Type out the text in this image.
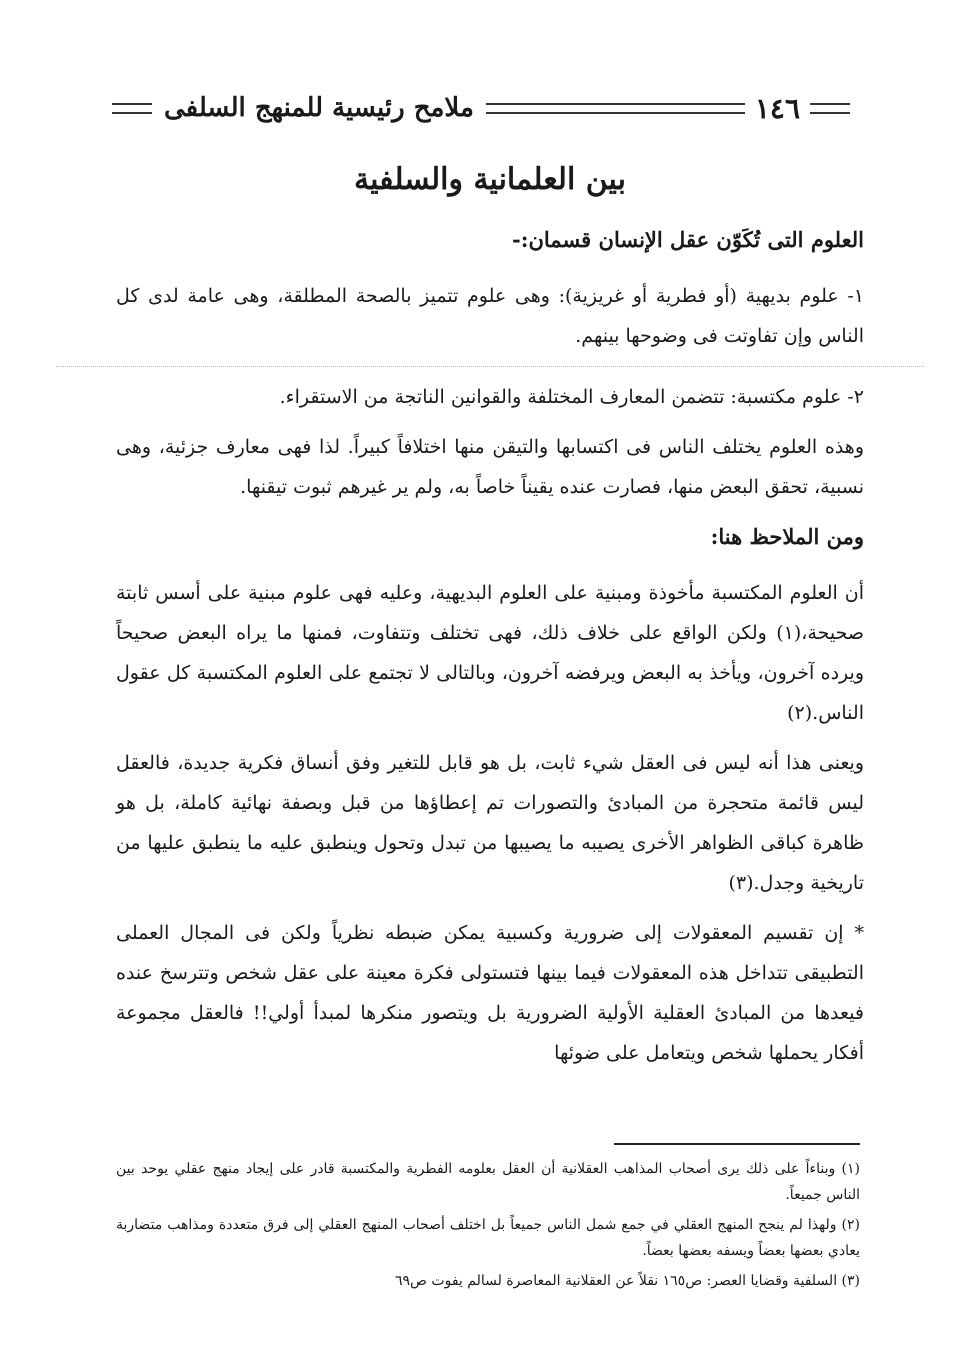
١٤٦
ملامح رئيسية للمنهج السلفى
بين العلمانية والسلفية
العلوم التى تُكَوّن عقل الإنسان قسمان:-

١- علوم بديهية (أو فطرية أو غريزية): وهى علوم تتميز بالصحة المطلقة، وهى عامة لدى كل الناس وإن تفاوتت فى وضوحها بينهم.

٢- علوم مكتسبة: تتضمن المعارف المختلفة والقوانين الناتجة من الاستقراء.

وهذه العلوم يختلف الناس فى اكتسابها والتيقن منها اختلافاً كبيراً. لذا فهى معارف جزئية، وهى نسبية، تحقق البعض منها، فصارت عنده يقيناً خاصاً به، ولم ير غيرهم ثبوت تيقنها.

ومن الملاحظ هنا:

أن العلوم المكتسبة مأخوذة ومبنية على العلوم البديهية، وعليه فهى علوم مبنية على أسس ثابتة صحيحة،(١) ولكن الواقع على خلاف ذلك، فهى تختلف وتتفاوت، فمنها ما يراه البعض صحيحاً ويرده آخرون، ويأخذ به البعض ويرفضه آخرون، وبالتالى لا تجتمع على العلوم المكتسبة كل عقول الناس.(٢)

ويعنى هذا أنه ليس فى العقل شيء ثابت، بل هو قابل للتغير وفق أنساق فكرية جديدة، فالعقل ليس قائمة متحجرة من المبادئ والتصورات تم إعطاؤها من قبل وبصفة نهائية كاملة، بل هو ظاهرة كباقى الظواهر الأخرى يصيبه ما يصيبها من تبدل وتحول وينطبق عليه ما ينطبق عليها من تاريخية وجدل.(٣)

* إن تقسيم المعقولات إلى ضرورية وكسبية يمكن ضبطه نظرياً ولكن فى المجال العملى التطبيقى تتداخل هذه المعقولات فيما بينها فتستولى فكرة معينة على عقل شخص وتترسخ عنده فيعدها من المبادئ العقلية الأولية الضرورية بل ويتصور منكرها لمبدأ أولي!! فالعقل مجموعة أفكار يحملها شخص ويتعامل على ضوئها

(١) وبناءاً على ذلك يرى أصحاب المذاهب العقلانية أن العقل بعلومه الفطرية والمكتسبة قادر على إيجاد منهج عقلي يوحد بين الناس جميعاً.

(٢) ولهذا لم ينجح المنهج العقلي في جمع شمل الناس جميعاً بل اختلف أصحاب المنهج العقلي إلى فرق متعددة ومذاهب متضاربة يعادي بعضها بعضاً ويسفه بعضها بعضاً.

(٣) السلفية وقضايا العصر: ص١٦٥ نقلاً عن العقلانية المعاصرة لسالم يفوت ص٦٩
